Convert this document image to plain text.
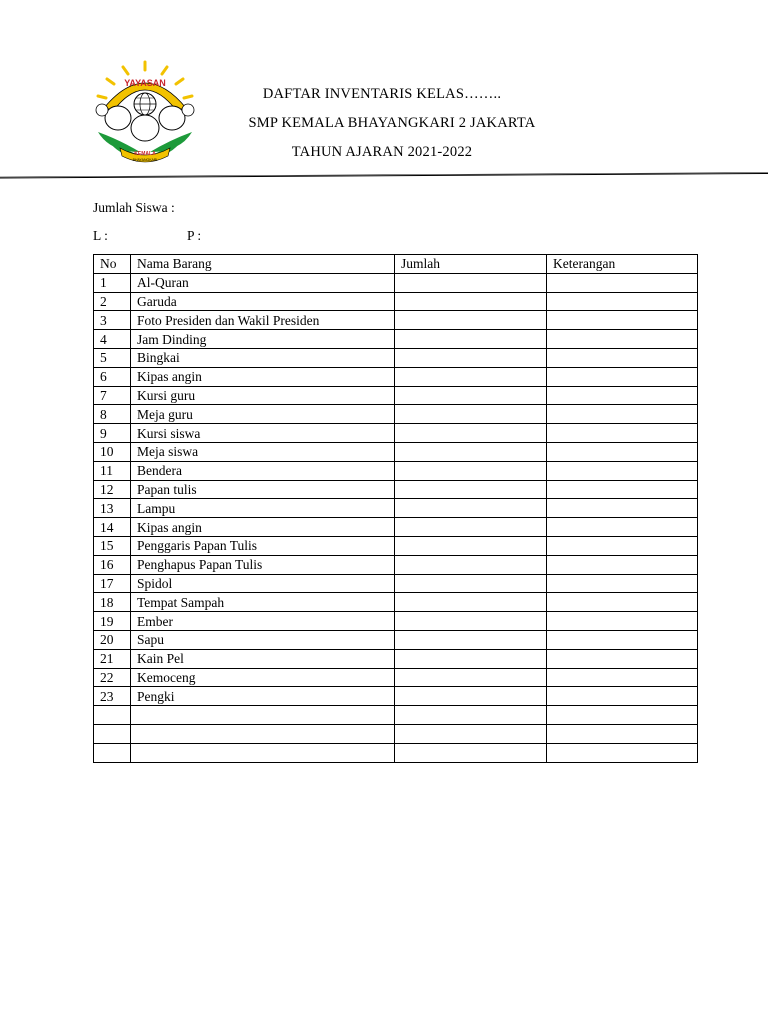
YAYASAN
KEMALA
BHAYANGKARI
DAFTAR INVENTARIS KELAS……..
SMP KEMALA BHAYANGKARI 2 JAKARTA
TAHUN AJARAN 2021-2022
Jumlah Siswa :
L :	P :
No	Nama Barang	Jumlah	Keterangan
1	Al-Quran		
2	Garuda		
3	Foto Presiden dan Wakil Presiden		
4	Jam Dinding		
5	Bingkai		
6	Kipas angin		
7	Kursi guru		
8	Meja guru		
9	Kursi siswa		
10	Meja siswa		
11	Bendera		
12	Papan tulis		
13	Lampu		
14	Kipas angin		
15	Penggaris Papan Tulis		
16	Penghapus Papan Tulis		
17	Spidol		
18	Tempat Sampah		
19	Ember		
20	Sapu		
21	Kain Pel		
22	Kemoceng		
23	Pengki		
